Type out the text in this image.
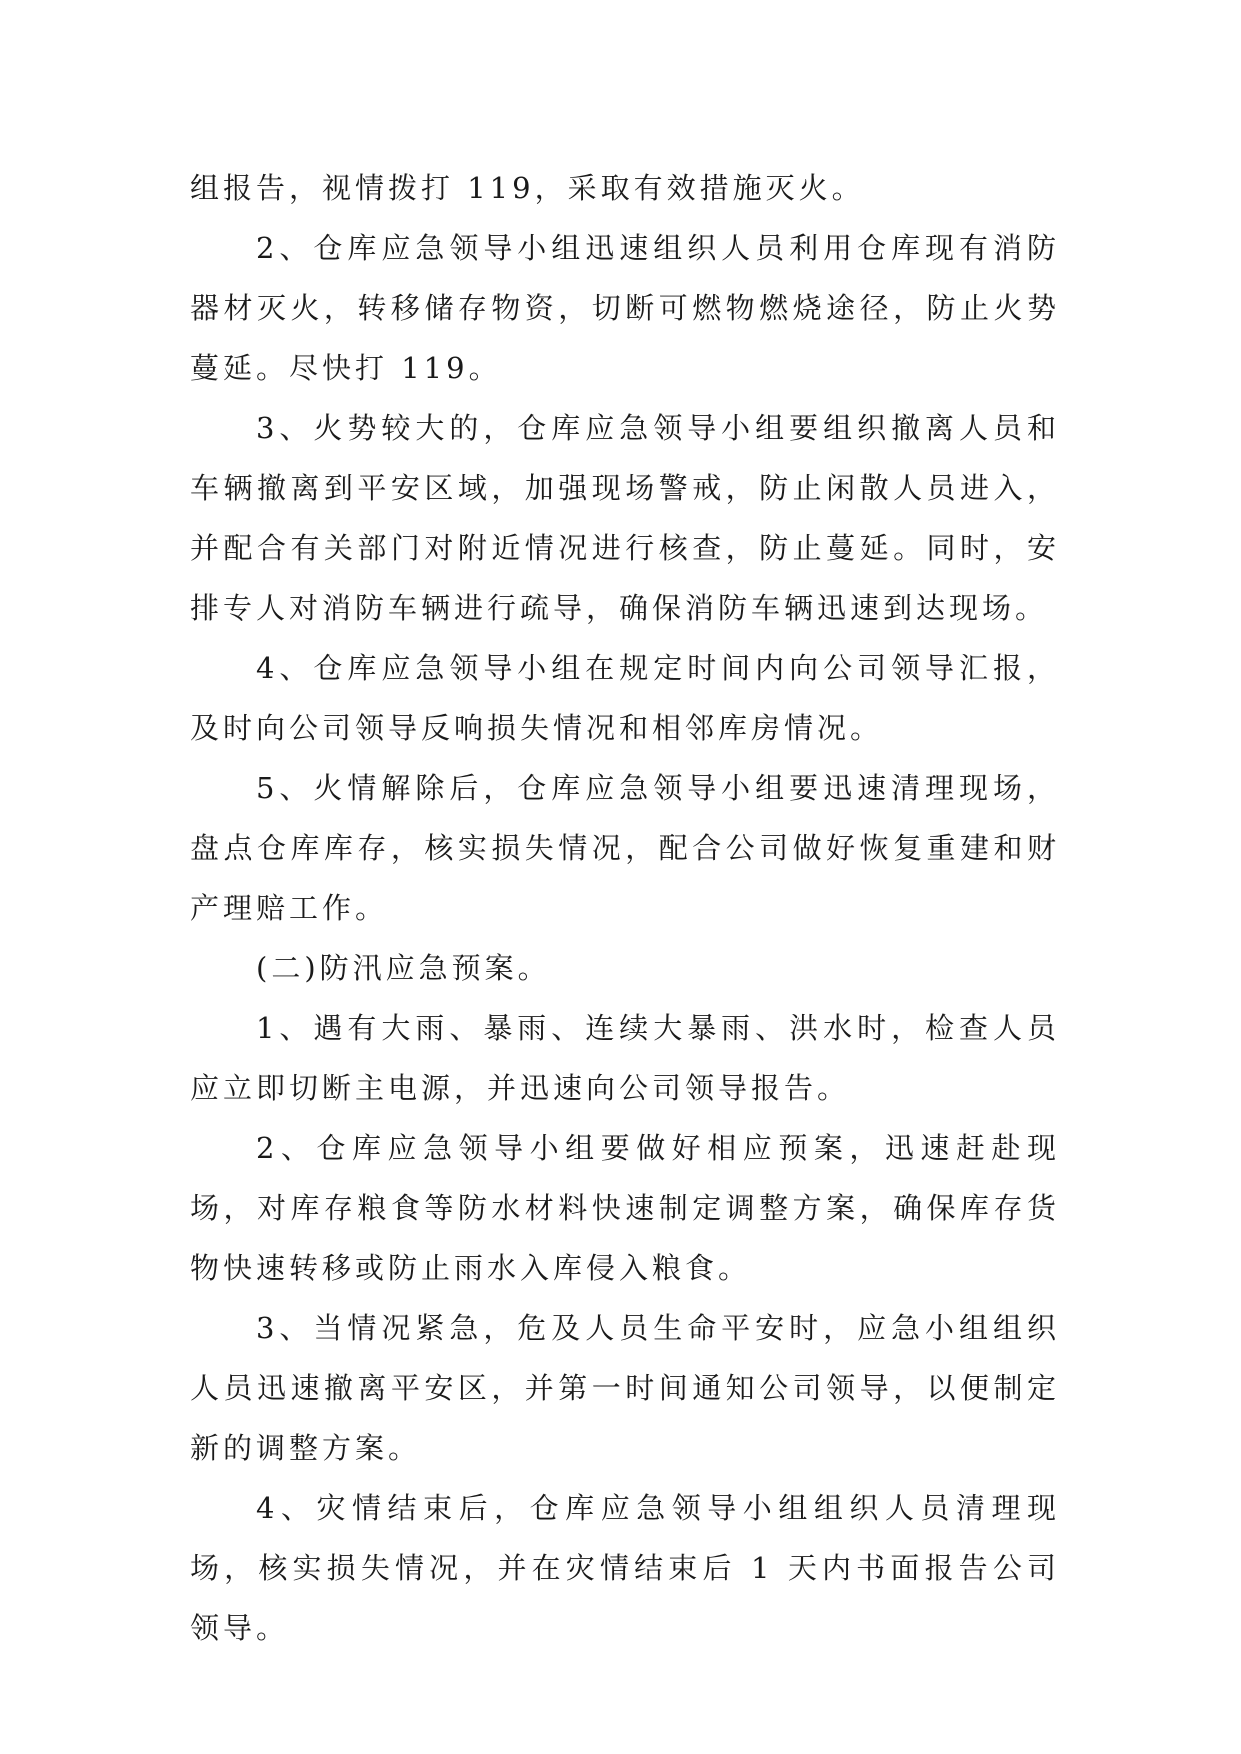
组报告，视情拨打 119，采取有效措施灭火。

2、仓库应急领导小组迅速组织人员利用仓库现有消防器材灭火，转移储存物资，切断可燃物燃烧途径，防止火势蔓延。尽快打 119。

3、火势较大的，仓库应急领导小组要组织撤离人员和车辆撤离到平安区域，加强现场警戒，防止闲散人员进入，并配合有关部门对附近情况进行核查，防止蔓延。同时，安排专人对消防车辆进行疏导，确保消防车辆迅速到达现场。

4、仓库应急领导小组在规定时间内向公司领导汇报，及时向公司领导反响损失情况和相邻库房情况。

5、火情解除后，仓库应急领导小组要迅速清理现场，盘点仓库库存，核实损失情况，配合公司做好恢复重建和财产理赔工作。

(二)防汛应急预案。

1、遇有大雨、暴雨、连续大暴雨、洪水时，检查人员应立即切断主电源，并迅速向公司领导报告。

2、仓库应急领导小组要做好相应预案，迅速赶赴现场，对库存粮食等防水材料快速制定调整方案，确保库存货物快速转移或防止雨水入库侵入粮食。

3、当情况紧急，危及人员生命平安时，应急小组组织人员迅速撤离平安区，并第一时间通知公司领导，以便制定新的调整方案。

4、灾情结束后，仓库应急领导小组组织人员清理现场，核实损失情况，并在灾情结束后 1 天内书面报告公司领导。
